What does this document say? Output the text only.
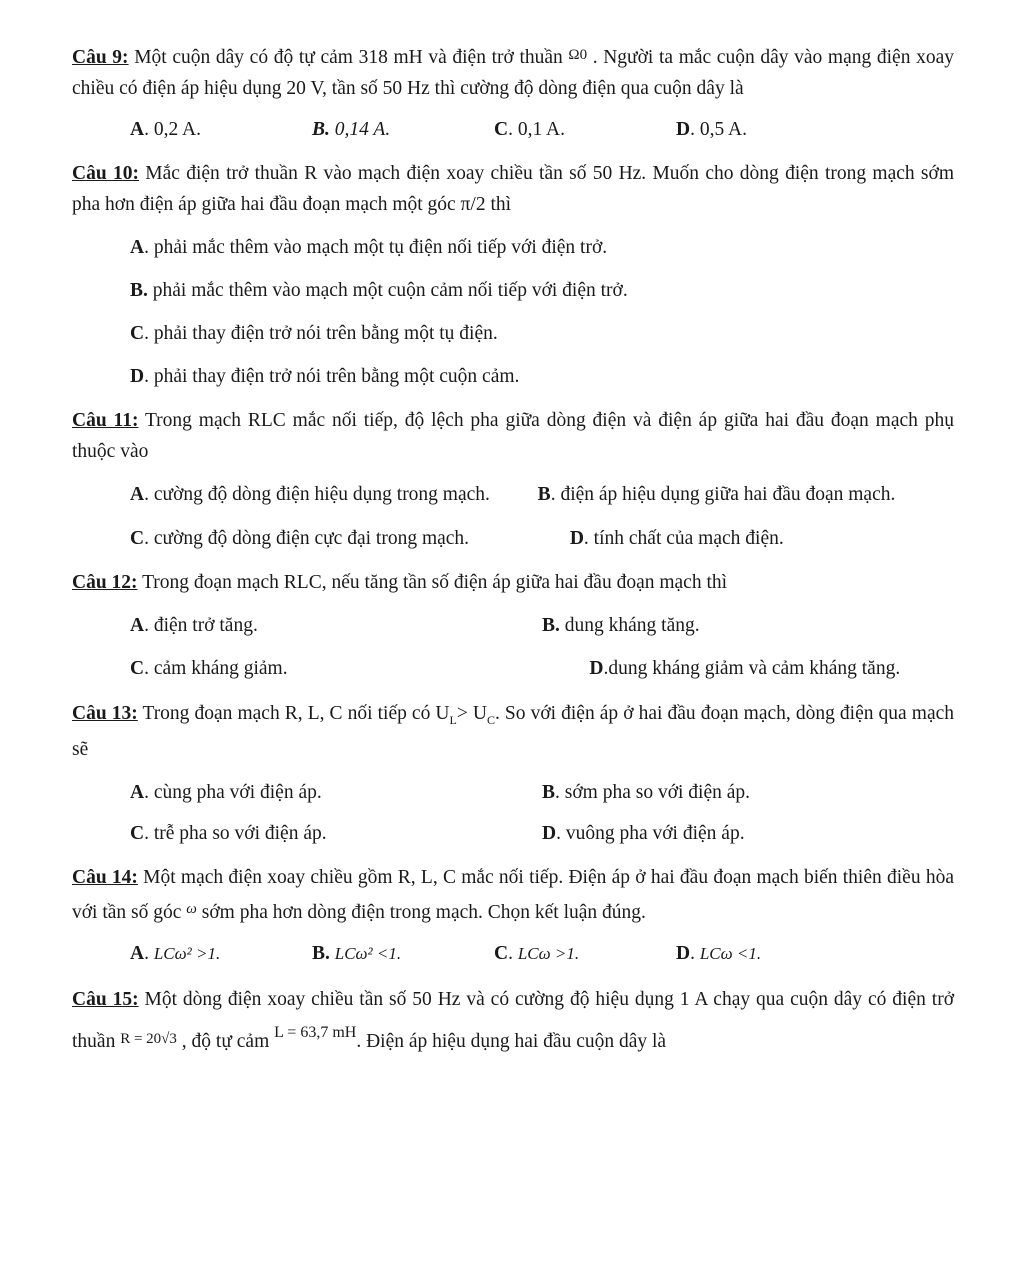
Câu 9: Một cuộn dây có độ tự cảm 318 mH và điện trở thuần Ω0 . Người ta mắc cuộn dây vào mạng điện xoay chiều có điện áp hiệu dụng 20 V, tần số 50 Hz thì cường độ dòng điện qua cuộn dây là

A. 0,2 A.	B. 0,14 A.	C. 0,1 A.	D. 0,5 A.

Câu 10: Mắc điện trở thuần R vào mạch điện xoay chiều tần số 50 Hz. Muốn cho dòng điện trong mạch sớm pha hơn điện áp giữa hai đầu đoạn mạch một góc π/2 thì

A. phải mắc thêm vào mạch một tụ điện nối tiếp với điện trở.
B. phải mắc thêm vào mạch một cuộn cảm nối tiếp với điện trở.
C. phải thay điện trở nói trên bằng một tụ điện.
D. phải thay điện trở nói trên bằng một cuộn cảm.

Câu 11: Trong mạch RLC mắc nối tiếp, độ lệch pha giữa dòng điện và điện áp giữa hai đầu đoạn mạch phụ thuộc vào

A. cường độ dòng điện hiệu dụng trong mạch. B. điện áp hiệu dụng giữa hai đầu đoạn mạch.

C. cường độ dòng điện cực đại trong mạch.	D. tính chất của mạch điện.

Câu 12: Trong đoạn mạch RLC, nếu tăng tần số điện áp giữa hai đầu đoạn mạch thì

A. điện trở tăng.	B. dung kháng tăng.

C. cảm kháng giảm.	D.dung kháng giảm và cảm kháng tăng.

Câu 13: Trong đoạn mạch R, L, C nối tiếp có $U_L> U_C$. So với điện áp ở hai đầu đoạn mạch, dòng điện qua mạch sẽ

A. cùng pha với điện áp.	B. sớm pha so với điện áp.
C. trễ pha so với điện áp.	D. vuông pha với điện áp.

Câu 14: Một mạch điện xoay chiều gồm R, L, C mắc nối tiếp. Điện áp ở hai đầu đoạn mạch biến thiên điều hòa với tần số góc $^\omega$ sớm pha hơn dòng điện trong mạch. Chọn kết luận đúng.

A. LCω² >1.	B. LCω² <1.	C. LCω >1.	D. LCω <1.

Câu 15: Một dòng điện xoay chiều tần số 50 Hz và có cường độ hiệu dụng 1 A chạy qua cuộn dây có điện trở thuần R = 20√3 , độ tự cảm L = 63,7 mH. Điện áp hiệu dụng hai đầu cuộn dây là
